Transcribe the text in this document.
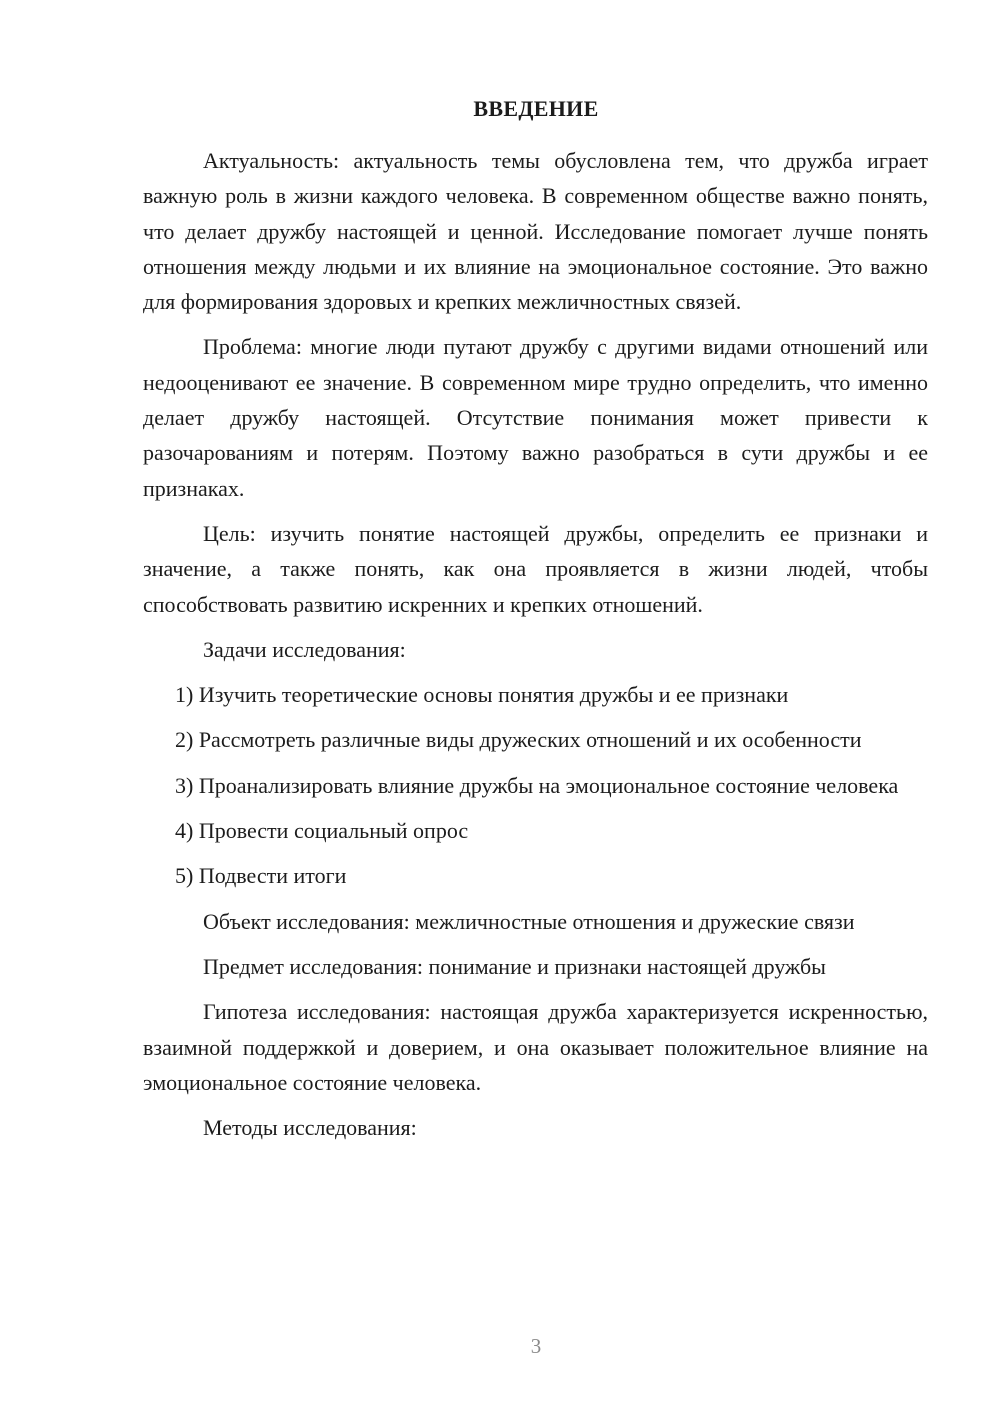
ВВЕДЕНИЕ

Актуальность: актуальность темы обусловлена тем, что дружба играет важную роль в жизни каждого человека. В современном обществе важно понять, что делает дружбу настоящей и ценной. Исследование помогает лучше понять отношения между людьми и их влияние на эмоциональное состояние. Это важно для формирования здоровых и крепких межличностных связей.

Проблема: многие люди путают дружбу с другими видами отношений или недооценивают ее значение. В современном мире трудно определить, что именно делает дружбу настоящей. Отсутствие понимания может привести к разочарованиям и потерям. Поэтому важно разобраться в сути дружбы и ее признаках.

Цель: изучить понятие настоящей дружбы, определить ее признаки и значение, а также понять, как она проявляется в жизни людей, чтобы способствовать развитию искренних и крепких отношений.

Задачи исследования:

1) Изучить теоретические основы понятия дружбы и ее признаки

2) Рассмотреть различные виды дружеских отношений и их особенности

3) Проанализировать влияние дружбы на эмоциональное состояние человека

4) Провести социальный опрос

5) Подвести итоги

Объект исследования: межличностные отношения и дружеские связи

Предмет исследования: понимание и признаки настоящей дружбы

Гипотеза исследования: настоящая дружба характеризуется искренностью, взаимной поддержкой и доверием, и она оказывает положительное влияние на эмоциональное состояние человека.

Методы исследования:

3
